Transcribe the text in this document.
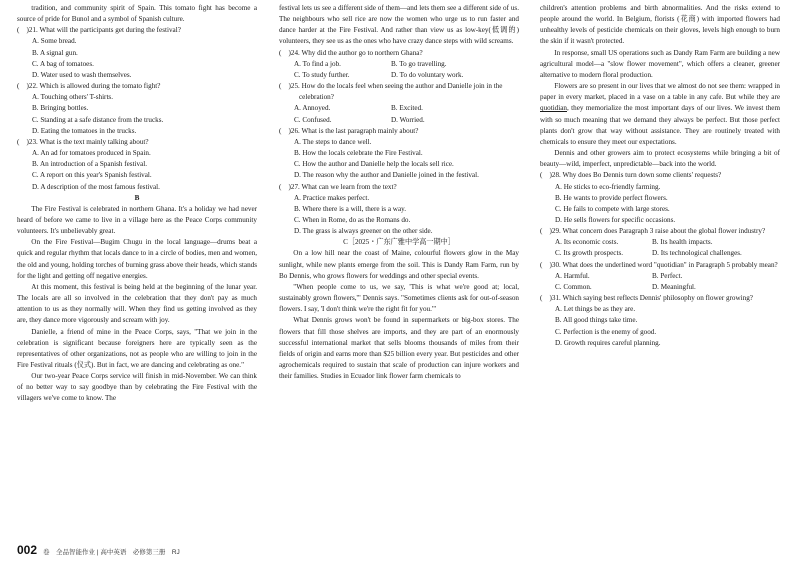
tradition, and community spirit of Spain. This tomato fight has become a source of pride for Bunol and a symbol of Spanish culture.

(　)21. What will the participants get during the festival?

A. Some bread.

B. A signal gun.

C. A bag of tomatoes.

D. Water used to wash themselves.

(　)22. Which is allowed during the tomato fight?

A. Touching others' T-shirts.

B. Bringing bottles.

C. Standing at a safe distance from the trucks.

D. Eating the tomatoes in the trucks.

(　)23. What is the text mainly talking about?

A. An ad for tomatoes produced in Spain.

B. An introduction of a Spanish festival.

C. A report on this year's Spanish festival.

D. A description of the most famous festival.

B

The Fire Festival is celebrated in northern Ghana. It's a holiday we had never heard of before we came to live in a village here as the Peace Corps community volunteers. It's unbelievably great.

On the Fire Festival—Bugim Chugu in the local language—drums beat a quick and regular rhythm that locals dance to in a circle of bodies, men and women, the old and young, holding torches of burning grass above their heads, which stands for the light and getting off negative energies.

At this moment, this festival is being held at the beginning of the lunar year. The locals are all so involved in the celebration that they don't pay as much attention to us as they normally will. When they find us getting involved as they are, they dance more vigorously and scream with joy.

Danielle, a friend of mine in the Peace Corps, says, "That we join in the celebration is significant because foreigners here are typically seen as the representatives of other organizations, not as people who are willing to join in the Fire Festival rituals (仪式). But in fact, we are dancing and celebrating as one."

Our two-year Peace Corps service will finish in mid-November. We can think of no better way to say goodbye than by celebrating the Fire Festival with the villagers we've come to know. The

festival lets us see a different side of them—and lets them see a different side of us. The neighbours who sell rice are now the women who urge us to run faster and dance harder at the Fire Festival. And rather than view us as low-key(低调的) volunteers, they see us as the ones who have crazy dance steps with wild screams.

(　)24. Why did the author go to northern Ghana?

A. To find a job.	B. To go travelling.
C. To study further.	D. To do voluntary work.

(　)25. How do the locals feel when seeing the author and Danielle join in the celebration?

A. Annoyed.	B. Excited.
C. Confused.	D. Worried.

(　)26. What is the last paragraph mainly about?

A. The steps to dance well.

B. How the locals celebrate the Fire Festival.

C. How the author and Danielle help the locals sell rice.

D. The reason why the author and Danielle joined in the festival.

(　)27. What can we learn from the text?

A. Practice makes perfect.

B. Where there is a will, there is a way.

C. When in Rome, do as the Romans do.

D. The grass is always greener on the other side.

C［2025・广东广雅中学高一期中］

On a low hill near the coast of Maine, colourful flowers glow in the May sunlight, while new plants emerge from the soil. This is Dandy Ram Farm, run by Bo Dennis, who grows flowers for weddings and other special events.

"When people come to us, we say, 'This is what we're good at; local, sustainably grown flowers,'" Dennis says. "Sometimes clients ask for out-of-season flowers. I say, 'I don't think we're the right fit for you.'"

What Dennis grows won't be found in supermarkets or big-box stores. The flowers that fill those shelves are imports, and they are part of an enormously successful international market that sells blooms thousands of miles from their fields of origin and earns more than $25 billion every year. But pesticides and other agrochemicals required to sustain that scale of production can injure workers and their families. Studies in Ecuador link flower farm chemicals to

children's attention problems and birth abnormalities. And the risks extend to people around the world. In Belgium, florists (花商) with imported flowers had unhealthy levels of pesticide chemicals on their gloves, levels high enough to burn the skin if it wasn't protected.

In response, small US operations such as Dandy Ram Farm are building a new agricultural model—a "slow flower movement", which offers a cleaner, greener alternative to modern floral production.

Flowers are so present in our lives that we almost do not see them: wrapped in paper in every market, placed in a vase on a table in any cafe. But while they are quotidian, they memorialize the most important days of our lives. We invest them with so much meaning that we demand they always be perfect. But those perfect plants don't grow that way without assistance. They are routinely treated with chemicals to ensure they meet our expectations.

Dennis and other growers aim to protect ecosystems while bringing a bit of beauty—wild, imperfect, unpredictable—back into the world.

(　)28. Why does Bo Dennis turn down some clients' requests?

A. He sticks to eco-friendly farming.

B. He wants to provide perfect flowers.

C. He fails to compete with large stores.

D. He sells flowers for specific occasions.

(　)29. What concern does Paragraph 3 raise about the global flower industry?

A. Its economic costs.	B. Its health impacts.
C. Its growth prospects.	D. Its technological challenges.

(　)30. What does the underlined word "quotidian" in Paragraph 5 probably mean?

A. Harmful.	B. Perfect.
C. Common.	D. Meaningful.

(　)31. Which saying best reflects Dennis' philosophy on flower growing?

A. Let things be as they are.

B. All good things take time.

C. Perfection is the enemy of good.

D. Growth requires careful planning.

002 卷　全品智能作业 | 高中英语　必修第三册　RJ
